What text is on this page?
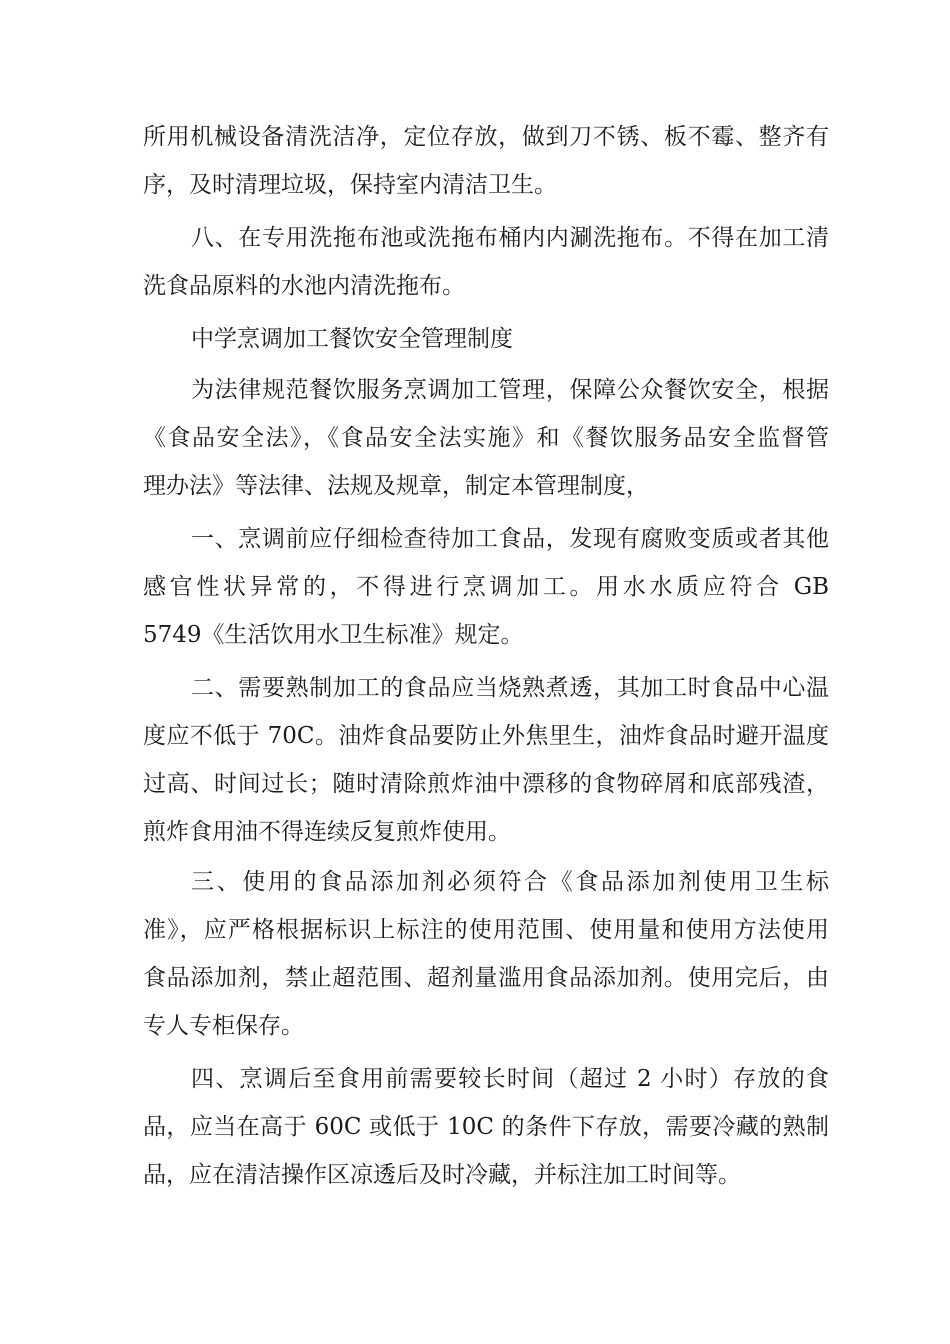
所用机械设备清洗洁净，定位存放，做到刀不锈、板不霉、整齐有
序，及时清理垃圾，保持室内清洁卫生。
八、在专用洗拖布池或洗拖布桶内内涮洗拖布。不得在加工清
洗食品原料的水池内清洗拖布。
中学烹调加工餐饮安全管理制度
为法律规范餐饮服务烹调加工管理，保障公众餐饮安全，根据
《食品安全法》，《食品安全法实施》和《餐饮服务品安全监督管
理办法》等法律、法规及规章，制定本管理制度，
一、烹调前应仔细检查待加工食品，发现有腐败变质或者其他
感官性状异常的，不得进行烹调加工。用水水质应符合 GB
5749《生活饮用水卫生标准》规定。
二、需要熟制加工的食品应当烧熟煮透，其加工时食品中心温
度应不低于 70C。油炸食品要防止外焦里生，油炸食品时避开温度
过高、时间过长；随时清除煎炸油中漂移的食物碎屑和底部残渣，
煎炸食用油不得连续反复煎炸使用。
三、使用的食品添加剂必须符合《食品添加剂使用卫生标
准》，应严格根据标识上标注的使用范围、使用量和使用方法使用
食品添加剂，禁止超范围、超剂量滥用食品添加剂。使用完后，由
专人专柜保存。
四、烹调后至食用前需要较长时间（超过 2 小时）存放的食
品，应当在高于 60C 或低于 10C 的条件下存放，需要冷藏的熟制
品，应在清洁操作区凉透后及时冷藏，并标注加工时间等。
